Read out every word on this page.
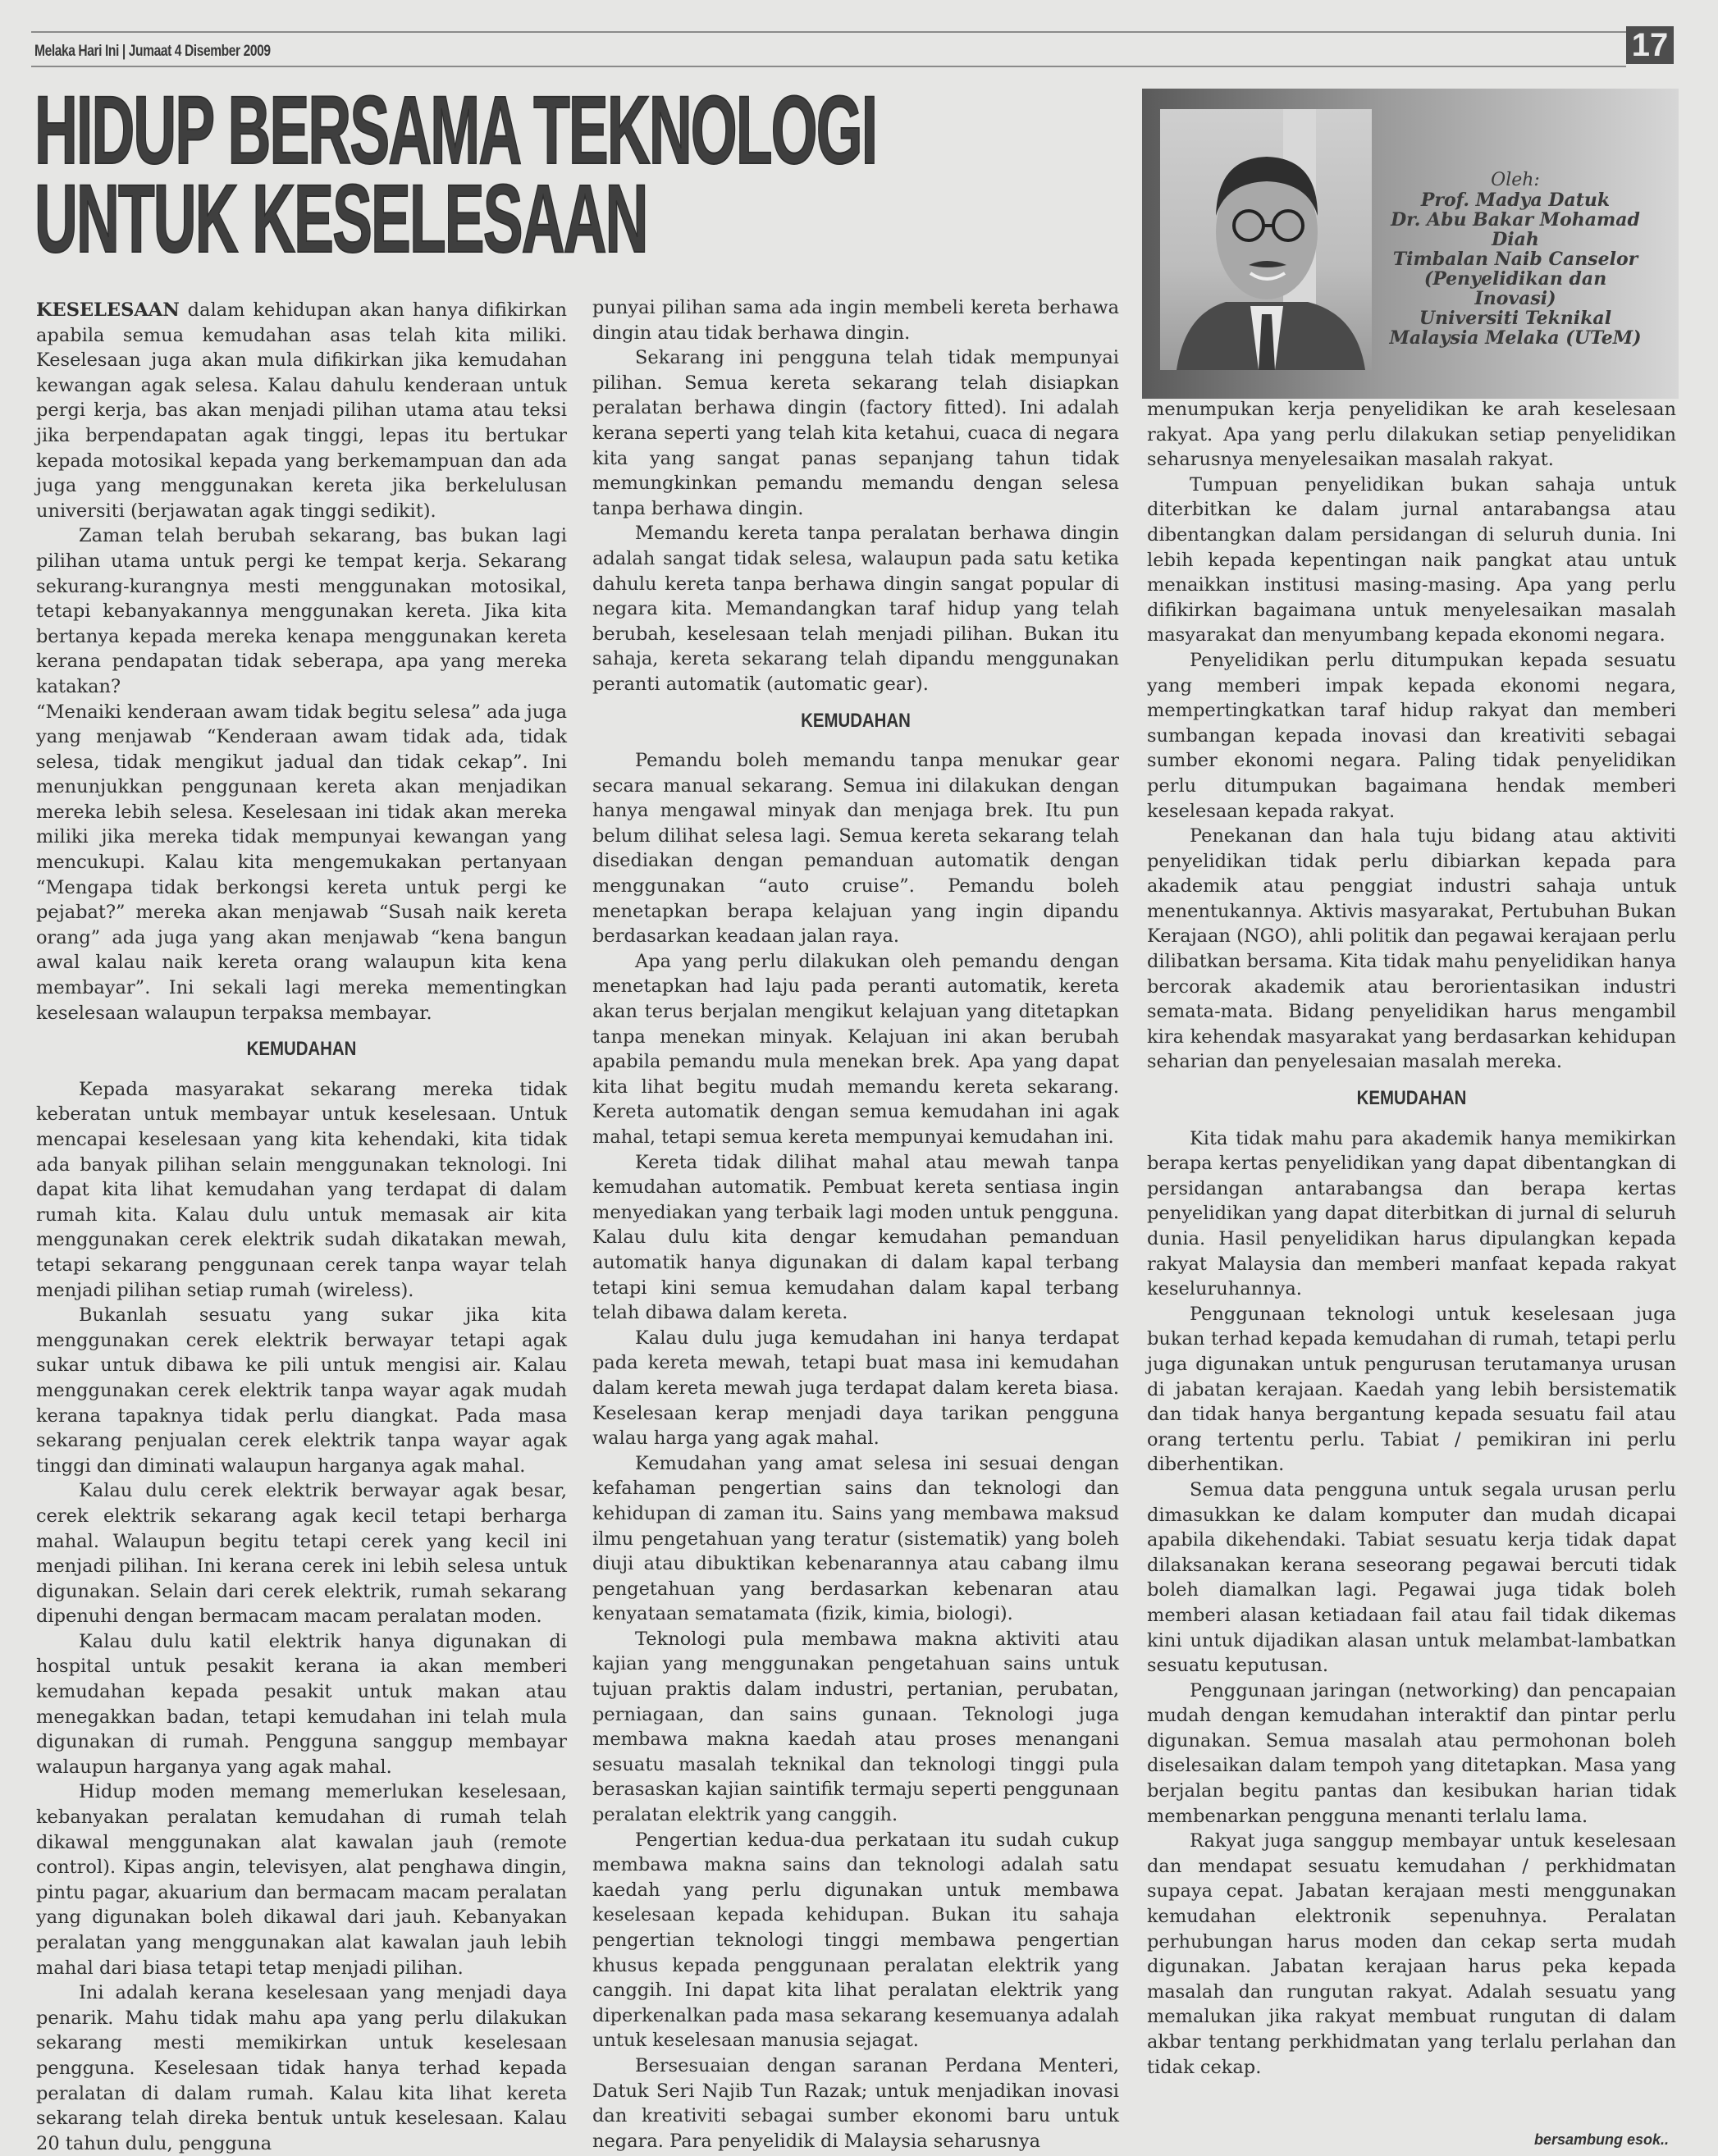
Melaka Hari Ini | Jumaat 4 Disember 2009	17
HIDUP BERSAMA TEKNOLOGI
UNTUK KESELESAAN	Oleh:
Prof. Madya Datuk
Dr. Abu Bakar Mohamad
Diah
Timbalan Naib Canselor
(Penyelidikan dan
Inovasi)
Universiti Teknikal
Malaysia Melaka (UTeM)

KESELESAAN dalam kehidupan akan hanya difikirkan apabila semua kemudahan asas telah kita miliki. Keselesaan juga akan mula difikirkan jika kemudahan kewangan agak selesa. Kalau dahulu kenderaan untuk pergi kerja, bas akan menjadi pilihan utama atau teksi jika berpendapatan agak tinggi, lepas itu bertukar kepada motosikal kepada yang berkemampuan dan ada juga yang menggunakan kereta jika berkelulusan universiti (berjawatan agak tinggi sedikit).

Zaman telah berubah sekarang, bas bukan lagi pilihan utama untuk pergi ke tempat kerja. Sekarang sekurang-kurangnya mesti menggunakan motosikal, tetapi kebanyakannya menggunakan kereta. Jika kita bertanya kepada mereka kenapa menggunakan kereta kerana pendapatan tidak seberapa, apa yang mereka katakan?

“Menaiki kenderaan awam tidak begitu selesa” ada juga yang menjawab “Kenderaan awam tidak ada, tidak selesa, tidak mengikut jadual dan tidak cekap”. Ini menunjukkan penggunaan kereta akan menjadikan mereka lebih selesa. Keselesaan ini tidak akan mereka miliki jika mereka tidak mempunyai kewangan yang mencukupi. Kalau kita mengemukakan pertanyaan “Mengapa tidak berkongsi kereta untuk pergi ke pejabat?” mereka akan menjawab “Susah naik kereta orang” ada juga yang akan menjawab “kena bangun awal kalau naik kereta orang walaupun kita kena membayar”. Ini sekali lagi mereka mementingkan keselesaan walaupun terpaksa membayar.

KEMUDAHAN

Kepada masyarakat sekarang mereka tidak keberatan untuk membayar untuk keselesaan. Untuk mencapai keselesaan yang kita kehendaki, kita tidak ada banyak pilihan selain menggunakan teknologi. Ini dapat kita lihat kemudahan yang terdapat di dalam rumah kita. Kalau dulu untuk memasak air kita menggunakan cerek elektrik sudah dikatakan mewah, tetapi sekarang penggunaan cerek tanpa wayar telah menjadi pilihan setiap rumah (wireless).

Bukanlah sesuatu yang sukar jika kita menggunakan cerek elektrik berwayar tetapi agak sukar untuk dibawa ke pili untuk mengisi air. Kalau menggunakan cerek elektrik tanpa wayar agak mudah kerana tapaknya tidak perlu diangkat. Pada masa sekarang penjualan cerek elektrik tanpa wayar agak tinggi dan diminati walaupun harganya agak mahal.

Kalau dulu cerek elektrik berwayar agak besar, cerek elektrik sekarang agak kecil tetapi berharga mahal. Walaupun begitu tetapi cerek yang kecil ini menjadi pilihan. Ini kerana cerek ini lebih selesa untuk digunakan. Selain dari cerek elektrik, rumah sekarang dipenuhi dengan bermacam macam peralatan moden.

Kalau dulu katil elektrik hanya digunakan di hospital untuk pesakit kerana ia akan memberi kemudahan kepada pesakit untuk makan atau menegakkan badan, tetapi kemudahan ini telah mula digunakan di rumah. Pengguna sanggup membayar walaupun harganya yang agak mahal.

Hidup moden memang memerlukan keselesaan, kebanyakan peralatan kemudahan di rumah telah dikawal menggunakan alat kawalan jauh (remote control). Kipas angin, televisyen, alat penghawa dingin, pintu pagar, akuarium dan bermacam macam peralatan yang digunakan boleh dikawal dari jauh. Kebanyakan peralatan yang menggunakan alat kawalan jauh lebih mahal dari biasa tetapi tetap menjadi pilihan.

Ini adalah kerana keselesaan yang menjadi daya penarik. Mahu tidak mahu apa yang perlu dilakukan sekarang mesti memikirkan untuk keselesaan pengguna. Keselesaan tidak hanya terhad kepada peralatan di dalam rumah. Kalau kita lihat kereta sekarang telah direka bentuk untuk keselesaan. Kalau 20 tahun dulu, pengguna

punyai pilihan sama ada ingin membeli kereta berhawa dingin atau tidak berhawa dingin.

Sekarang ini pengguna telah tidak mempunyai pilihan. Semua kereta sekarang telah disiapkan peralatan berhawa dingin (factory fitted). Ini adalah kerana seperti yang telah kita ketahui, cuaca di negara kita yang sangat panas sepanjang tahun tidak memungkinkan pemandu memandu dengan selesa tanpa berhawa dingin.

Memandu kereta tanpa peralatan berhawa dingin adalah sangat tidak selesa, walaupun pada satu ketika dahulu kereta tanpa berhawa dingin sangat popular di negara kita. Memandangkan taraf hidup yang telah berubah, keselesaan telah menjadi pilihan. Bukan itu sahaja, kereta sekarang telah dipandu menggunakan peranti automatik (automatic gear).

KEMUDAHAN

Pemandu boleh memandu tanpa menukar gear secara manual sekarang. Semua ini dilakukan dengan hanya mengawal minyak dan menjaga brek. Itu pun belum dilihat selesa lagi. Semua kereta sekarang telah disediakan dengan pemanduan automatik dengan menggunakan “auto cruise”. Pemandu boleh menetapkan berapa kelajuan yang ingin dipandu berdasarkan keadaan jalan raya.

Apa yang perlu dilakukan oleh pemandu dengan menetapkan had laju pada peranti automatik, kereta akan terus berjalan mengikut kelajuan yang ditetapkan tanpa menekan minyak. Kelajuan ini akan berubah apabila pemandu mula menekan brek. Apa yang dapat kita lihat begitu mudah memandu kereta sekarang. Kereta automatik dengan semua kemudahan ini agak mahal, tetapi semua kereta mempunyai kemudahan ini.

Kereta tidak dilihat mahal atau mewah tanpa kemudahan automatik. Pembuat kereta sentiasa ingin menyediakan yang terbaik lagi moden untuk pengguna. Kalau dulu kita dengar kemudahan pemanduan automatik hanya digunakan di dalam kapal terbang tetapi kini semua kemudahan dalam kapal terbang telah dibawa dalam kereta.

Kalau dulu juga kemudahan ini hanya terdapat pada kereta mewah, tetapi buat masa ini kemudahan dalam kereta mewah juga terdapat dalam kereta biasa. Keselesaan kerap menjadi daya tarikan pengguna walau harga yang agak mahal.

Kemudahan yang amat selesa ini sesuai dengan kefahaman pengertian sains dan teknologi dan kehidupan di zaman itu. Sains yang membawa maksud ilmu pengetahuan yang teratur (sistematik) yang boleh diuji atau dibuktikan kebenarannya atau cabang ilmu pengetahuan yang berdasarkan kebenaran atau kenyataan sematamata (fizik, kimia, biologi).

Teknologi pula membawa makna aktiviti atau kajian yang menggunakan pengetahuan sains untuk tujuan praktis dalam industri, pertanian, perubatan, perniagaan, dan sains gunaan. Teknologi juga membawa makna kaedah atau proses menangani sesuatu masalah teknikal dan teknologi tinggi pula berasaskan kajian saintifik termaju seperti penggunaan peralatan elektrik yang canggih.

Pengertian kedua-dua perkataan itu sudah cukup membawa makna sains dan teknologi adalah satu kaedah yang perlu digunakan untuk membawa keselesaan kepada kehidupan. Bukan itu sahaja pengertian teknologi tinggi membawa pengertian khusus kepada penggunaan peralatan elektrik yang canggih. Ini dapat kita lihat peralatan elektrik yang diperkenalkan pada masa sekarang kesemuanya adalah untuk keselesaan manusia sejagat.

Bersesuaian dengan saranan Perdana Menteri, Datuk Seri Najib Tun Razak; untuk menjadikan inovasi dan kreativiti sebagai sumber ekonomi baru untuk negara. Para penyelidik di Malaysia seharusnya

menumpukan kerja penyelidikan ke arah keselesaan rakyat. Apa yang perlu dilakukan setiap penyelidikan seharusnya menyelesaikan masalah rakyat.

Tumpuan penyelidikan bukan sahaja untuk diterbitkan ke dalam jurnal antarabangsa atau dibentangkan dalam persidangan di seluruh dunia. Ini lebih kepada kepentingan naik pangkat atau untuk menaikkan institusi masing-masing. Apa yang perlu difikirkan bagaimana untuk menyelesaikan masalah masyarakat dan menyumbang kepada ekonomi negara.

Penyelidikan perlu ditumpukan kepada sesuatu yang memberi impak kepada ekonomi negara, mempertingkatkan taraf hidup rakyat dan memberi sumbangan kepada inovasi dan kreativiti sebagai sumber ekonomi negara. Paling tidak penyelidikan perlu ditumpukan bagaimana hendak memberi keselesaan kepada rakyat.

Penekanan dan hala tuju bidang atau aktiviti penyelidikan tidak perlu dibiarkan kepada para akademik atau penggiat industri sahaja untuk menentukannya. Aktivis masyarakat, Pertubuhan Bukan Kerajaan (NGO), ahli politik dan pegawai kerajaan perlu dilibatkan bersama. Kita tidak mahu penyelidikan hanya bercorak akademik atau berorientasikan industri semata-mata. Bidang penyelidikan harus mengambil kira kehendak masyarakat yang berdasarkan kehidupan seharian dan penyelesaian masalah mereka.

KEMUDAHAN

Kita tidak mahu para akademik hanya memikirkan berapa kertas penyelidikan yang dapat dibentangkan di persidangan antarabangsa dan berapa kertas penyelidikan yang dapat diterbitkan di jurnal di seluruh dunia. Hasil penyelidikan harus dipulangkan kepada rakyat Malaysia dan memberi manfaat kepada rakyat keseluruhannya.

Penggunaan teknologi untuk keselesaan juga bukan terhad kepada kemudahan di rumah, tetapi perlu juga digunakan untuk pengurusan terutamanya urusan di jabatan kerajaan. Kaedah yang lebih bersistematik dan tidak hanya bergantung kepada sesuatu fail atau orang tertentu perlu. Tabiat / pemikiran ini perlu diberhentikan.

Semua data pengguna untuk segala urusan perlu dimasukkan ke dalam komputer dan mudah dicapai apabila dikehendaki. Tabiat sesuatu kerja tidak dapat dilaksanakan kerana seseorang pegawai bercuti tidak boleh diamalkan lagi. Pegawai juga tidak boleh memberi alasan ketiadaan fail atau fail tidak dikemas kini untuk dijadikan alasan untuk melambat-lambatkan sesuatu keputusan.

Penggunaan jaringan (networking) dan pencapaian mudah dengan kemudahan interaktif dan pintar perlu digunakan. Semua masalah atau permohonan boleh diselesaikan dalam tempoh yang ditetapkan. Masa yang berjalan begitu pantas dan kesibukan harian tidak membenarkan pengguna menanti terlalu lama.

Rakyat juga sanggup membayar untuk keselesaan dan mendapat sesuatu kemudahan / perkhidmatan supaya cepat. Jabatan kerajaan mesti menggunakan kemudahan elektronik sepenuhnya. Peralatan perhubungan harus moden dan cekap serta mudah digunakan. Jabatan kerajaan harus peka kepada masalah dan rungutan rakyat. Adalah sesuatu yang memalukan jika rakyat membuat rungutan di dalam akbar tentang perkhidmatan yang terlalu perlahan dan tidak cekap.

bersambung esok..
